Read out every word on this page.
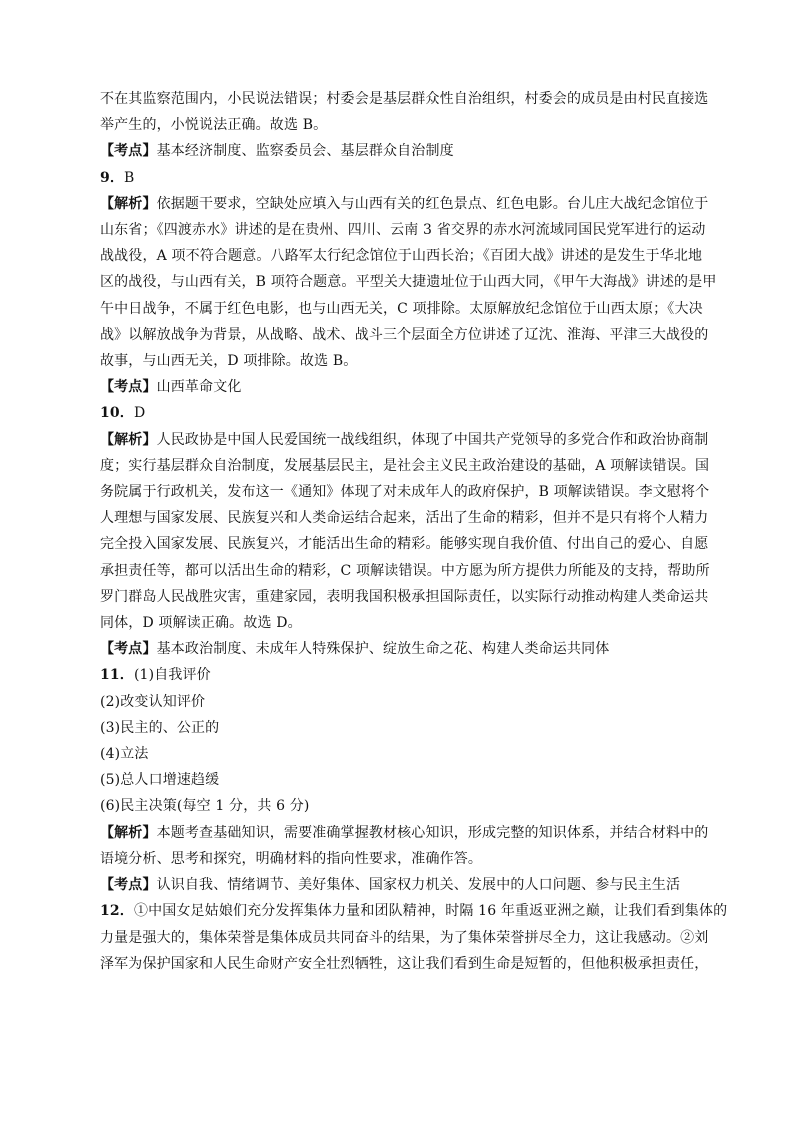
不在其监察范围内，小民说法错误；村委会是基层群众性自治组织，村委会的成员是由村民直接选
举产生的，小悦说法正确。故选 B。
【考点】基本经济制度、监察委员会、基层群众自治制度
9．B
【解析】依据题干要求，空缺处应填入与山西有关的红色景点、红色电影。台儿庄大战纪念馆位于
山东省；《四渡赤水》讲述的是在贵州、四川、云南 3 省交界的赤水河流域同国民党军进行的运动
战战役，A 项不符合题意。八路军太行纪念馆位于山西长治；《百团大战》讲述的是发生于华北地
区的战役，与山西有关，B 项符合题意。平型关大捷遗址位于山西大同，《甲午大海战》讲述的是甲
午中日战争，不属于红色电影，也与山西无关，C 项排除。太原解放纪念馆位于山西太原；《大决
战》以解放战争为背景，从战略、战术、战斗三个层面全方位讲述了辽沈、淮海、平津三大战役的
故事，与山西无关，D 项排除。故选 B。
【考点】山西革命文化
10．D
【解析】人民政协是中国人民爱国统一战线组织，体现了中国共产党领导的多党合作和政治协商制
度；实行基层群众自治制度，发展基层民主，是社会主义民主政治建设的基础，A 项解读错误。国
务院属于行政机关，发布这一《通知》体现了对未成年人的政府保护，B 项解读错误。李文慰将个
人理想与国家发展、民族复兴和人类命运结合起来，活出了生命的精彩，但并不是只有将个人精力
完全投入国家发展、民族复兴，才能活出生命的精彩。能够实现自我价值、付出自己的爱心、自愿
承担责任等，都可以活出生命的精彩，C 项解读错误。中方愿为所方提供力所能及的支持，帮助所
罗门群岛人民战胜灾害，重建家园，表明我国积极承担国际责任，以实际行动推动构建人类命运共
同体，D 项解读正确。故选 D。
【考点】基本政治制度、未成年人特殊保护、绽放生命之花、构建人类命运共同体
11．(1)自我评价
(2)改变认知评价
(3)民主的、公正的
(4)立法
(5)总人口增速趋缓
(6)民主决策(每空 1 分，共 6 分)
【解析】本题考查基础知识，需要准确掌握教材核心知识，形成完整的知识体系，并结合材料中的
语境分析、思考和探究，明确材料的指向性要求，准确作答。
【考点】认识自我、情绪调节、美好集体、国家权力机关、发展中的人口问题、参与民主生活
12．①中国女足姑娘们充分发挥集体力量和团队精神，时隔 16 年重返亚洲之巅，让我们看到集体的
力量是强大的，集体荣誉是集体成员共同奋斗的结果，为了集体荣誉拼尽全力，这让我感动。②刘
泽军为保护国家和人民生命财产安全壮烈牺牲，这让我们看到生命是短暂的，但他积极承担责任，
